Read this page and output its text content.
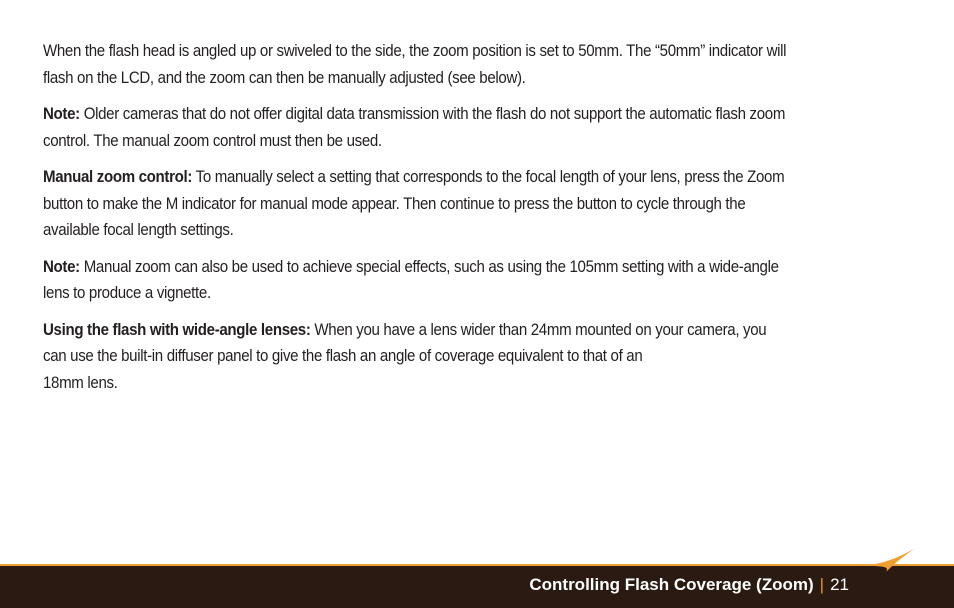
When the flash head is angled up or swiveled to the side, the zoom position is set to 50mm. The “50mm” indicator will flash on the LCD, and the zoom can then be manually adjusted (see below).

Note: Older cameras that do not offer digital data transmission with the flash do not support the automatic flash zoom control. The manual zoom control must then be used.

Manual zoom control: To manually select a setting that corresponds to the focal length of your lens, press the Zoom button to make the M indicator for manual mode appear. Then continue to press the button to cycle through the available focal length settings.

Note: Manual zoom can also be used to achieve special effects, such as using the 105mm setting with a wide-angle lens to produce a vignette.

Using the flash with wide-angle lenses: When you have a lens wider than 24mm mounted on your camera, you can use the built-in diffuser panel to give the flash an angle of coverage equivalent to that of an
18mm lens.

Controlling Flash Coverage (Zoom) | 21
